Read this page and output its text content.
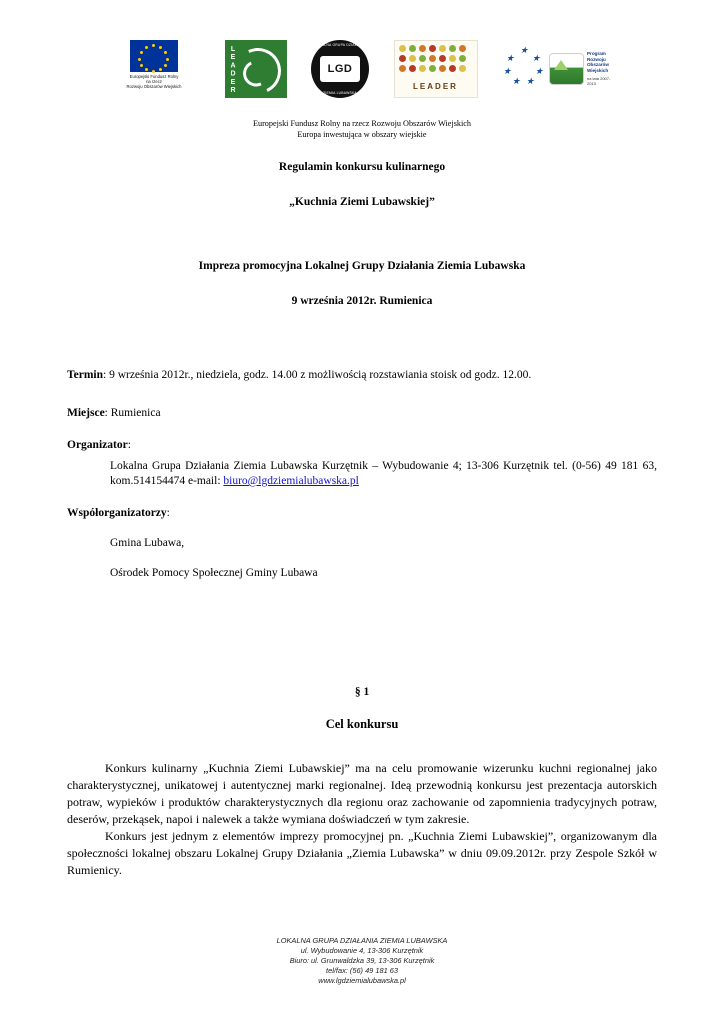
Europejski Fundusz Rolny
na rzecz
Rozwoju Obszarów Wiejskich	LEADER
LOKALNA GRUPA DZIAŁANIA
LGD
ZIEMIA LUBAWSKA
LEADER
★
★
★
★
★
★
★	Program
Rozwoju
Obszarów
Wiejskich
na lata 2007-2013
Europejski Fundusz Rolny na rzecz Rozwoju Obszarów Wiejskich
Europa inwestująca w obszary wiejskie
Regulamin konkursu kulinarnego
„Kuchnia Ziemi Lubawskiej”
Impreza promocyjna Lokalnej Grupy Działania Ziemia Lubawska
9 września 2012r. Rumienica
Termin: 9 września 2012r., niedziela, godz. 14.00 z możliwością rozstawiania stoisk od godz. 12.00.
Miejsce: Rumienica
Organizator:
Lokalna Grupa Działania Ziemia Lubawska Kurzętnik – Wybudowanie 4; 13-306 Kurzętnik tel. (0-56) 49 181 63, kom.514154474 e-mail: biuro@lgdziemialubawska.pl
Współorganizatorzy:
Gmina Lubawa,
Ośrodek Pomocy Społecznej Gminy Lubawa
§ 1
Cel konkursu

Konkurs kulinarny „Kuchnia Ziemi Lubawskiej” ma na celu promowanie wizerunku kuchni regionalnej jako charakterystycznej, unikatowej i autentycznej marki regionalnej. Ideą przewodnią konkursu jest prezentacja autorskich potraw, wypieków i produktów charakterystycznych dla regionu oraz zachowanie od zapomnienia tradycyjnych potraw, deserów, przekąsek, napoi i nalewek a także wymiana doświadczeń w tym zakresie.

Konkurs jest jednym z elementów imprezy promocyjnej pn. „Kuchnia Ziemi Lubawskiej”, organizowanym dla społeczności lokalnej obszaru Lokalnej Grupy Działania „Ziemia Lubawska” w dniu 09.09.2012r. przy Zespole Szkół w Rumienicy.

LOKALNA GRUPA DZIAŁANIA ZIEMIA LUBAWSKA
ul. Wybudowanie 4, 13-306 Kurzętnik
Biuro: ul. Grunwaldzka 39, 13-306 Kurzętnik
tel/fax: (56) 49 181 63
www.lgdziemialubawska.pl
